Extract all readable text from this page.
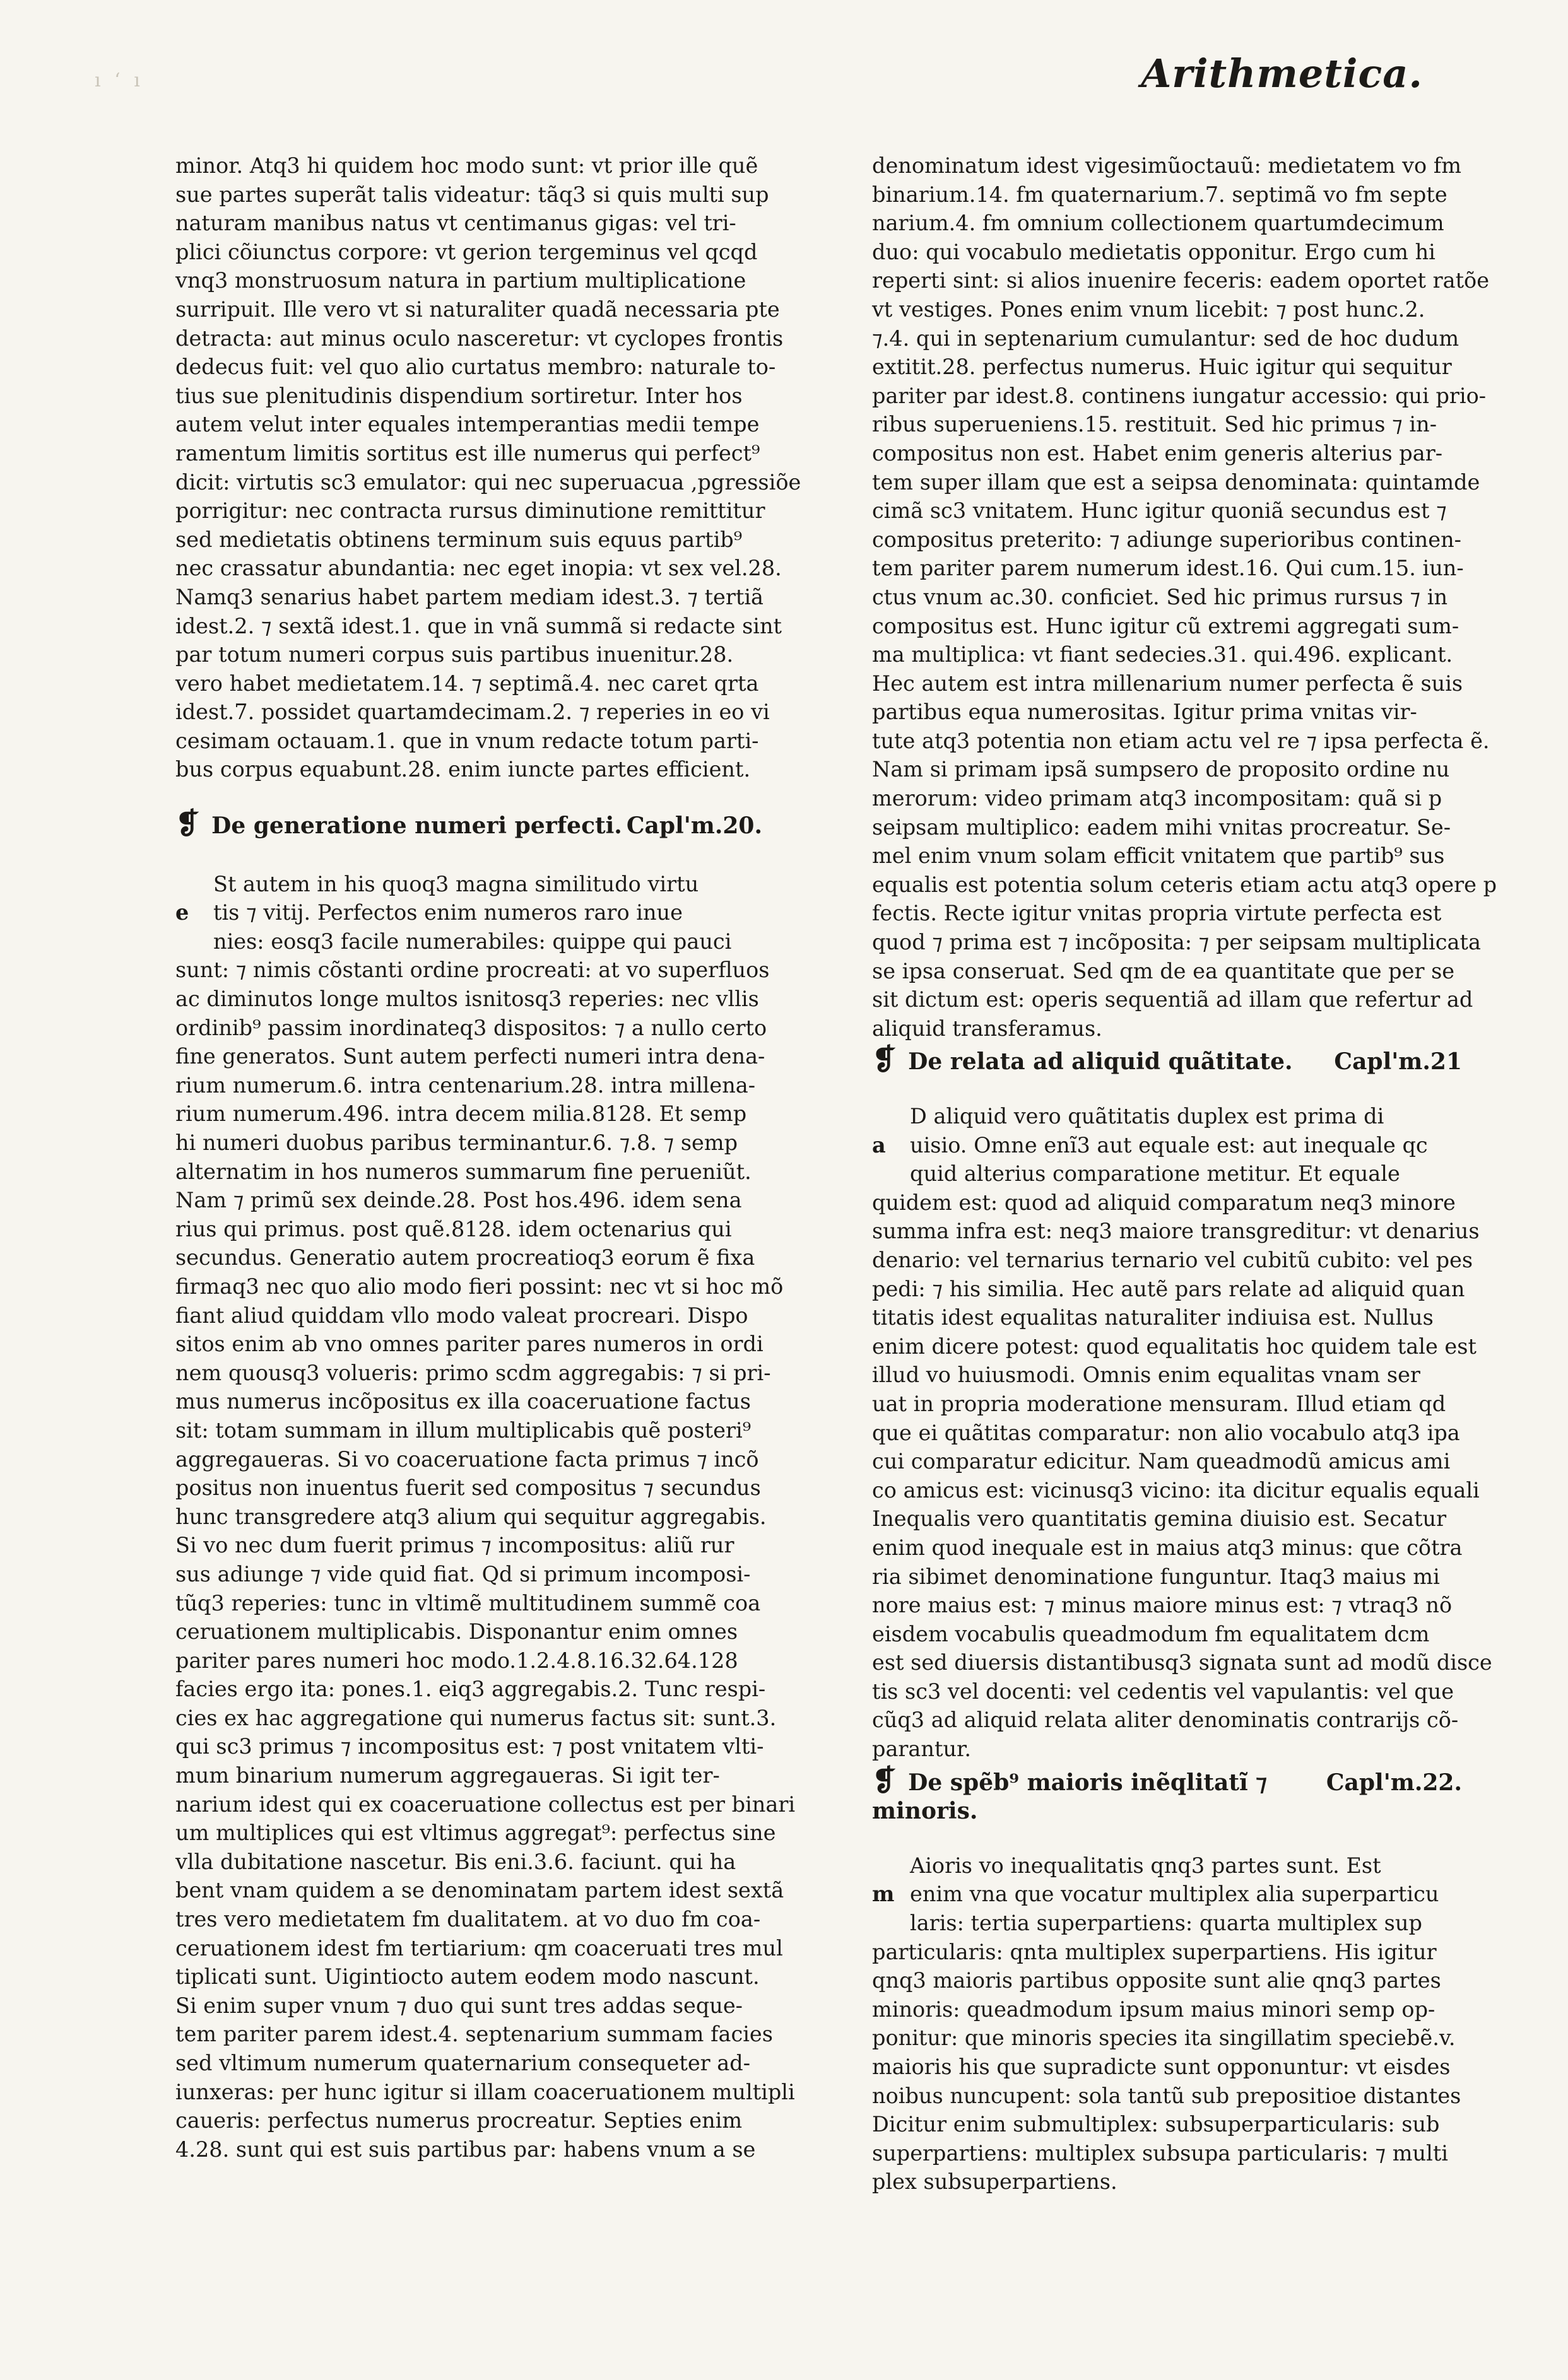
ı ʻ ı	Arithmetica.
minor. Atq3 hi quidem hoc modo sunt: vt prior ille quẽ
sue partes superãt talis videatur: tãq3 si quis multi sup
naturam manibus natus vt centimanus gigas: vel tri-
plici cõiunctus corpore: vt gerion tergeminus vel qcqd
vnq3 monstruosum natura in partium multiplicatione
surripuit. Ille vero vt si naturaliter quadã necessaria pte
detracta: aut minus oculo nasceretur: vt cyclopes frontis
dedecus fuit: vel quo alio curtatus membro: naturale to-
tius sue plenitudinis dispendium sortiretur. Inter hos
autem velut inter equales intemperantias medii tempe
ramentum limitis sortitus est ille numerus qui perfect⁹
dicit: virtutis sc3 emulator: qui nec superuacua ,pgressiõe
porrigitur: nec contracta rursus diminutione remittitur
sed medietatis obtinens terminum suis equus partib⁹
nec crassatur abundantia: nec eget inopia: vt sex vel.28.
Namq3 senarius habet partem mediam idest.3. ⁊ tertiã
idest.2. ⁊ sextã idest.1. que in vnã summã si redacte sint
par totum numeri corpus suis partibus inuenitur.28.
vero habet medietatem.14. ⁊ septimã.4. nec caret qrta
idest.7. possidet quartamdecimam.2. ⁊ reperies in eo vi
cesimam octauam.1. que in vnum redacte totum parti-
bus corpus equabunt.28. enim iuncte partes efficient.
❡ De generatione numeri perfecti. Capl'm.20.
St autem in his quoq3 magna similitudo virtu
e tis ⁊ vitij. Perfectos enim numeros raro inue
nies: eosq3 facile numerabiles: quippe qui pauci
sunt: ⁊ nimis cõstanti ordine procreati: at vo superfluos
ac diminutos longe multos isnitosq3 reperies: nec vllis
ordinib⁹ passim inordinateq3 dispositos: ⁊ a nullo certo
fine generatos. Sunt autem perfecti numeri intra dena-
rium numerum.6. intra centenarium.28. intra millena-
rium numerum.496. intra decem milia.8128. Et semp
hi numeri duobus paribus terminantur.6. ⁊.8. ⁊ semp
alternatim in hos numeros summarum fine perueniũt.
Nam ⁊ primũ sex deinde.28. Post hos.496. idem sena
rius qui primus. post quẽ.8128. idem octenarius qui
secundus. Generatio autem procreatioq3 eorum ẽ fixa
firmaq3 nec quo alio modo fieri possint: nec vt si hoc mõ
fiant aliud quiddam vllo modo valeat procreari. Dispo
sitos enim ab vno omnes pariter pares numeros in ordi
nem quousq3 volueris: primo scdm aggregabis: ⁊ si pri-
mus numerus incõpositus ex illa coaceruatione factus
sit: totam summam in illum multiplicabis quẽ posteri⁹
aggregaueras. Si vo coaceruatione facta primus ⁊ incõ
positus non inuentus fuerit sed compositus ⁊ secundus
hunc transgredere atq3 alium qui sequitur aggregabis.
Si vo nec dum fuerit primus ⁊ incompositus: aliũ rur
sus adiunge ⁊ vide quid fiat. Qd si primum incomposi-
tũq3 reperies: tunc in vltimẽ multitudinem summẽ coa
ceruationem multiplicabis. Disponantur enim omnes
pariter pares numeri hoc modo.1.2.4.8.16.32.64.128
facies ergo ita: pones.1. eiq3 aggregabis.2. Tunc respi-
cies ex hac aggregatione qui numerus factus sit: sunt.3.
qui sc3 primus ⁊ incompositus est: ⁊ post vnitatem vlti-
mum binarium numerum aggregaueras. Si igit ter-
narium idest qui ex coaceruatione collectus est per binari
um multiplices qui est vltimus aggregat⁹: perfectus sine
vlla dubitatione nascetur. Bis eni.3.6. faciunt. qui ha
bent vnam quidem a se denominatam partem idest sextã
tres vero medietatem fm dualitatem. at vo duo fm coa-
ceruationem idest fm tertiarium: qm coaceruati tres mul
tiplicati sunt. Uigintiocto autem eodem modo nascunt.
Si enim super vnum ⁊ duo qui sunt tres addas seque-
tem pariter parem idest.4. septenarium summam facies
sed vltimum numerum quaternarium consequeter ad-
iunxeras: per hunc igitur si illam coaceruationem multipli
caueris: perfectus numerus procreatur. Septies enim
4.28. sunt qui est suis partibus par: habens vnum a se
denominatum idest vigesimũoctauũ: medietatem vo fm
binarium.14. fm quaternarium.7. septimã vo fm septe
narium.4. fm omnium collectionem quartumdecimum
duo: qui vocabulo medietatis opponitur. Ergo cum hi
reperti sint: si alios inuenire feceris: eadem oportet ratõe
vt vestiges. Pones enim vnum licebit: ⁊ post hunc.2.
⁊.4. qui in septenarium cumulantur: sed de hoc dudum
extitit.28. perfectus numerus. Huic igitur qui sequitur
pariter par idest.8. continens iungatur accessio: qui prio-
ribus superueniens.15. restituit. Sed hic primus ⁊ in-
compositus non est. Habet enim generis alterius par-
tem super illam que est a seipsa denominata: quintamde
cimã sc3 vnitatem. Hunc igitur quoniã secundus est ⁊
compositus preterito: ⁊ adiunge superioribus continen-
tem pariter parem numerum idest.16. Qui cum.15. iun-
ctus vnum ac.30. conficiet. Sed hic primus rursus ⁊ in
compositus est. Hunc igitur cũ extremi aggregati sum-
ma multiplica: vt fiant sedecies.31. qui.496. explicant.
Hec autem est intra millenarium numer perfecta ẽ suis
partibus equa numerositas. Igitur prima vnitas vir-
tute atq3 potentia non etiam actu vel re ⁊ ipsa perfecta ẽ.
Nam si primam ipsã sumpsero de proposito ordine nu
merorum: video primam atq3 incompositam: quã si p
seipsam multiplico: eadem mihi vnitas procreatur. Se-
mel enim vnum solam efficit vnitatem que partib⁹ sus
equalis est potentia solum ceteris etiam actu atq3 opere p
fectis. Recte igitur vnitas propria virtute perfecta est
quod ⁊ prima est ⁊ incõposita: ⁊ per seipsam multiplicata
se ipsa conseruat. Sed qm de ea quantitate que per se
sit dictum est: operis sequentiã ad illam que refertur ad
aliquid transferamus.
❡ De relata ad aliquid quãtitate. Capl'm.21
D aliquid vero quãtitatis duplex est prima di
a uisio. Omne enĩ3 aut equale est: aut inequale qc
quid alterius comparatione metitur. Et equale
quidem est: quod ad aliquid comparatum neq3 minore
summa infra est: neq3 maiore transgreditur: vt denarius
denario: vel ternarius ternario vel cubitũ cubito: vel pes
pedi: ⁊ his similia. Hec autẽ pars relate ad aliquid quan
titatis idest equalitas naturaliter indiuisa est. Nullus
enim dicere potest: quod equalitatis hoc quidem tale est
illud vo huiusmodi. Omnis enim equalitas vnam ser
uat in propria moderatione mensuram. Illud etiam qd
que ei quãtitas comparatur: non alio vocabulo atq3 ipa
cui comparatur edicitur. Nam queadmodũ amicus ami
co amicus est: vicinusq3 vicino: ita dicitur equalis equali
Inequalis vero quantitatis gemina diuisio est. Secatur
enim quod inequale est in maius atq3 minus: que cõtra
ria sibimet denominatione funguntur. Itaq3 maius mi
nore maius est: ⁊ minus maiore minus est: ⁊ vtraq3 nõ
eisdem vocabulis queadmodum fm equalitatem dcm
est sed diuersis distantibusq3 signata sunt ad modũ disce
tis sc3 vel docenti: vel cedentis vel vapulantis: vel que
cũq3 ad aliquid relata aliter denominatis contrarijs cõ-
parantur.
❡ De spẽb⁹ maioris inẽqlitatĩ ⁊ minoris.
Capl'm.22.
Aioris vo inequalitatis qnq3 partes sunt. Est
m enim vna que vocatur multiplex alia superparticu
laris: tertia superpartiens: quarta multiplex sup
particularis: qnta multiplex superpartiens. His igitur
qnq3 maioris partibus opposite sunt alie qnq3 partes
minoris: queadmodum ipsum maius minori semp op-
ponitur: que minoris species ita singillatim speciebẽ.v.
maioris his que supradicte sunt opponuntur: vt eisdes
noibus nuncupent: sola tantũ sub prepositioe distantes
Dicitur enim submultiplex: subsuperparticularis: sub
superpartiens: multiplex subsupa particularis: ⁊ multi
plex subsuperpartiens.
